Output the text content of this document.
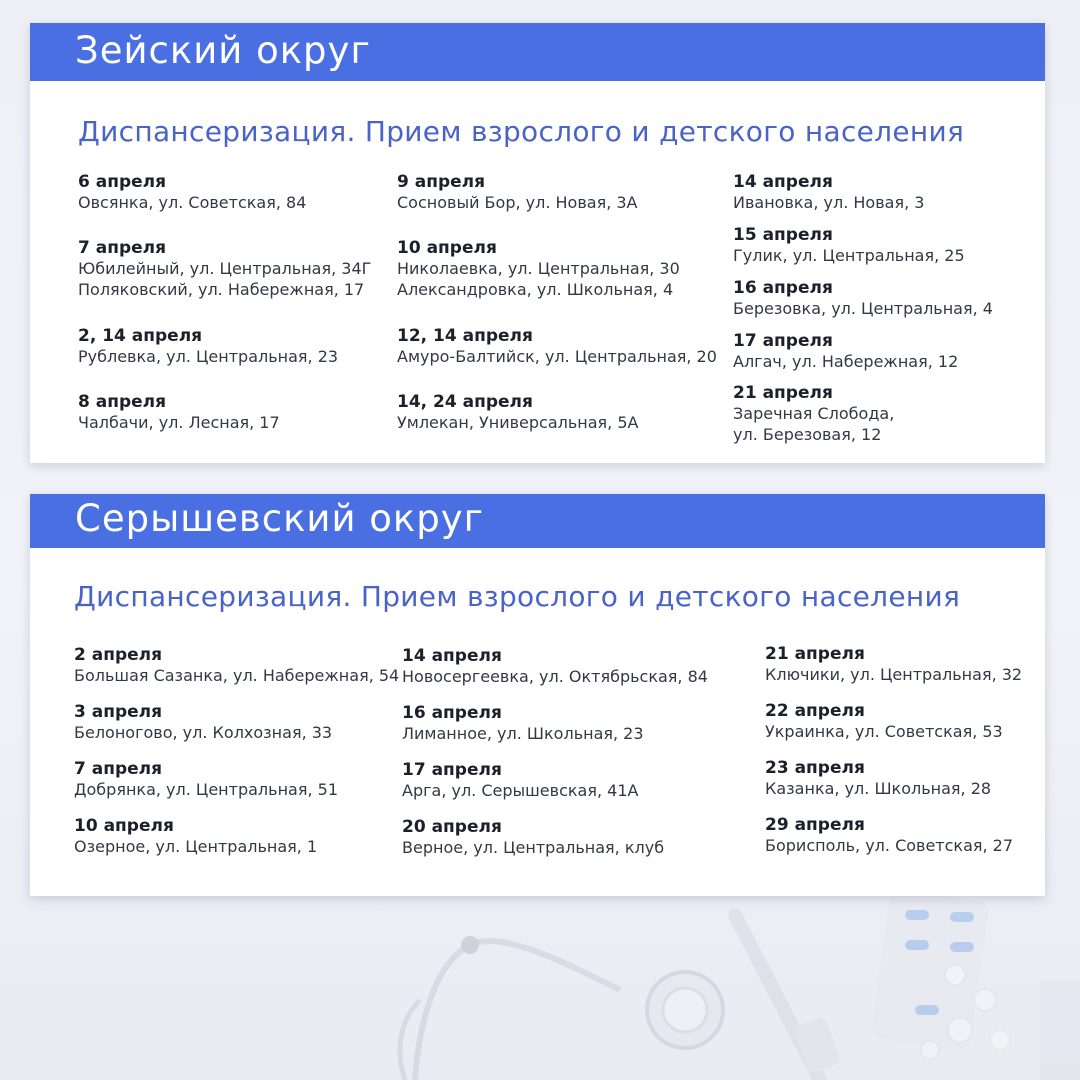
Зейский округ
Диспансеризация. Прием взрослого и детского населения
6 апреля
Овсянка, ул. Советская, 84
7 апреля
Юбилейный, ул. Центральная, 34Г
Поляковский, ул. Набережная, 17
2, 14 апреля
Рублевка, ул. Центральная, 23
8 апреля
Чалбачи, ул. Лесная, 17
9 апреля
Сосновый Бор, ул. Новая, 3А
10 апреля
Николаевка, ул. Центральная, 30
Александровка, ул. Школьная, 4
12, 14 апреля
Амуро-Балтийск, ул. Центральная, 20
14, 24 апреля
Умлекан, Универсальная, 5А
14 апреля
Ивановка, ул. Новая, 3
15 апреля
Гулик, ул. Центральная, 25
16 апреля
Березовка, ул. Центральная, 4
17 апреля
Алгач, ул. Набережная, 12
21 апреля
Заречная Слобода,
ул. Березовая, 12
Серышевский округ
Диспансеризация. Прием взрослого и детского населения
2 апреля
Большая Сазанка, ул. Набережная, 54
3 апреля
Белоногово, ул. Колхозная, 33
7 апреля
Добрянка, ул. Центральная, 51
10 апреля
Озерное, ул. Центральная, 1
14 апреля
Новосергеевка, ул. Октябрьская, 84
16 апреля
Лиманное, ул. Школьная, 23
17 апреля
Арга, ул. Серышевская, 41А
20 апреля
Верное, ул. Центральная, клуб
21 апреля
Ключики, ул. Центральная, 32
22 апреля
Украинка, ул. Советская, 53
23 апреля
Казанка, ул. Школьная, 28
29 апреля
Борисполь, ул. Советская, 27
